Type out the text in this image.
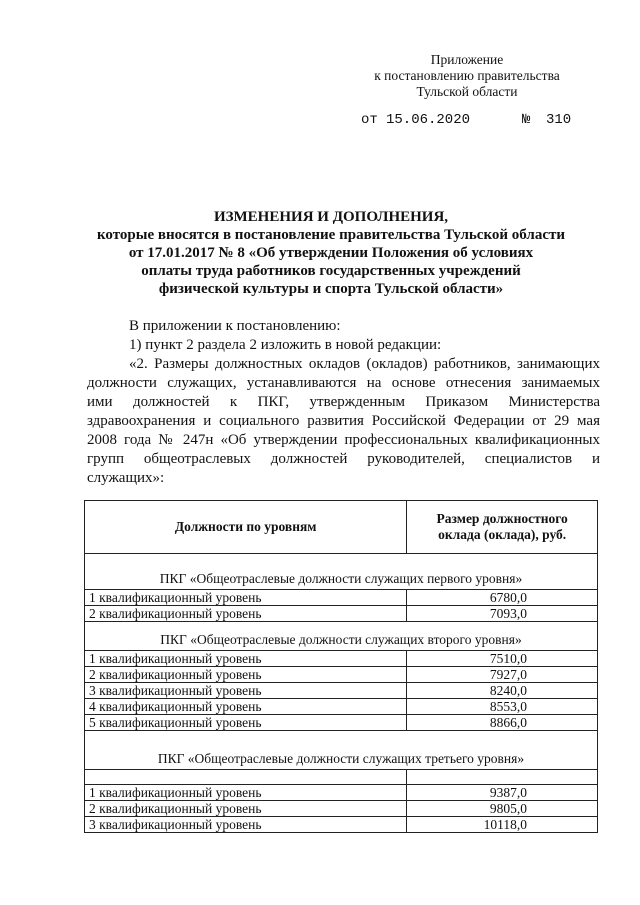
Приложение
к постановлению правительства
Тульской области
от 15.06.2020	№ 310
ИЗМЕНЕНИЯ И ДОПОЛНЕНИЯ,
которые вносятся в постановление правительства Тульской области
от 17.01.2017 № 8 «Об утверждении Положения об условиях
оплаты труда работников государственных учреждений
физической культуры и спорта Тульской области»
В приложении к постановлению:
1) пункт 2 раздела 2 изложить в новой редакции:
«2. Размеры должностных окладов (окладов) работников, занимающих
должности служащих, устанавливаются на основе отнесения занимаемых
ими должностей к ПКГ, утвержденным Приказом Министерства
здравоохранения и социального развития Российской Федерации от 29 мая
2008 года № 247н «Об утверждении профессиональных квалификационных
групп общеотраслевых должностей руководителей, специалистов и
служащих»:
Должности по уровням	Размер должностного
оклада (оклада), руб.

ПКГ «Общеотраслевые должности служащих первого уровня»	
1 квалификационный уровень	6780,0
2 квалификационный уровень	7093,0
ПКГ «Общеотраслевые должности служащих второго уровня»	
1 квалификационный уровень	7510,0
2 квалификационный уровень	7927,0
3 квалификационный уровень	8240,0
4 квалификационный уровень	8553,0
5 квалификационный уровень	8866,0
ПКГ «Общеотраслевые должности служащих третьего уровня»	

1 квалификационный уровень	9387,0
2 квалификационный уровень	9805,0
3 квалификационный уровень	10118,0
